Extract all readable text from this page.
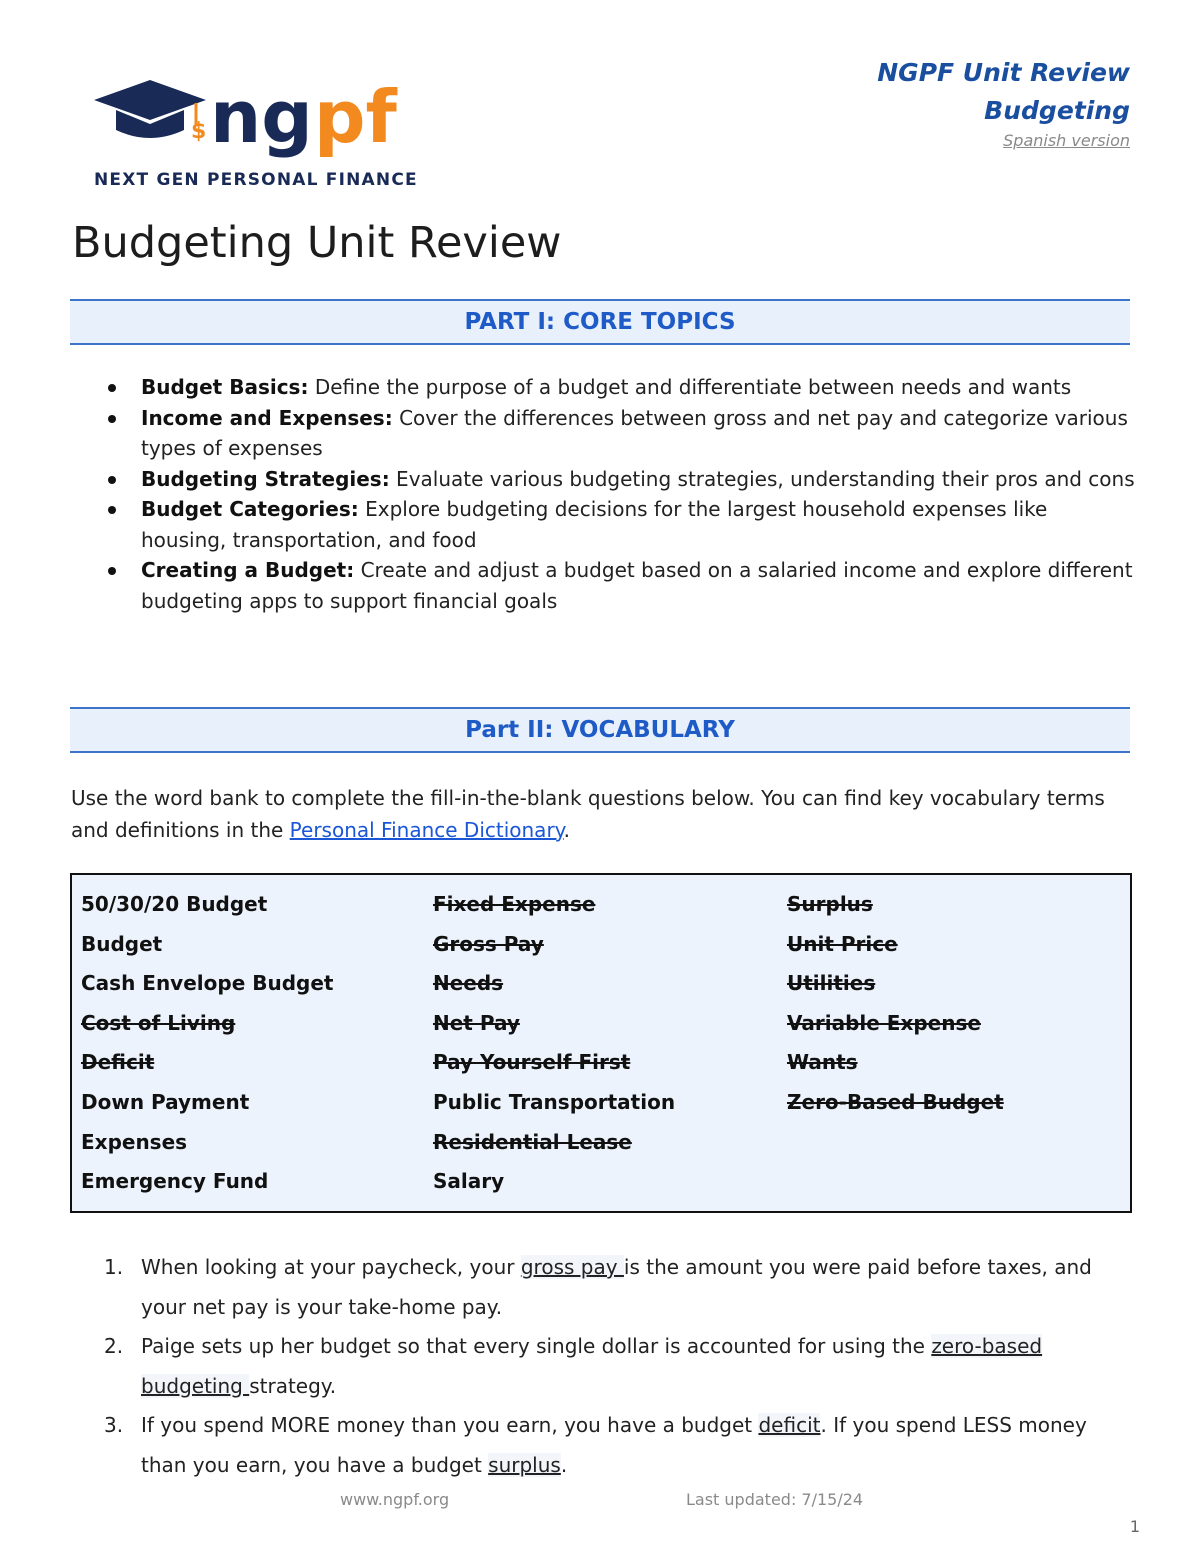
$ ng pf
NEXT GEN PERSONAL FINANCE
NGPF Unit Review
Budgeting
Spanish version
Budgeting Unit Review
PART I: CORE TOPICS
Budget Basics: Define the purpose of a budget and differentiate between needs and wants
Income and Expenses: Cover the differences between gross and net pay and categorize various types of expenses
Budgeting Strategies: Evaluate various budgeting strategies, understanding their pros and cons
Budget Categories: Explore budgeting decisions for the largest household expenses like housing, transportation, and food
Creating a Budget: Create and adjust a budget based on a salaried income and explore different budgeting apps to support financial goals
Part II: VOCABULARY

Use the word bank to complete the fill-in-the-blank questions below. You can find key vocabulary terms and definitions in the Personal Finance Dictionary.

50/30/20 Budget
Budget
Cash Envelope Budget
Cost of Living
Deficit
Down Payment
Expenses
Emergency Fund
Fixed Expense
Gross Pay
Needs
Net Pay
Pay Yourself First
Public Transportation
Residential Lease
Salary
Surplus
Unit Price
Utilities
Variable Expense
Wants
Zero-Based Budget
1. When looking at your paycheck, your gross pay is the amount you were paid before taxes, and your net pay is your take-home pay.
2. Paige sets up her budget so that every single dollar is accounted for using the zero-based budgeting strategy.
3. If you spend MORE money than you earn, you have a budget deficit. If you spend LESS money than you earn, you have a budget surplus.
www.ngpf.org	Last updated: 7/15/24
1
